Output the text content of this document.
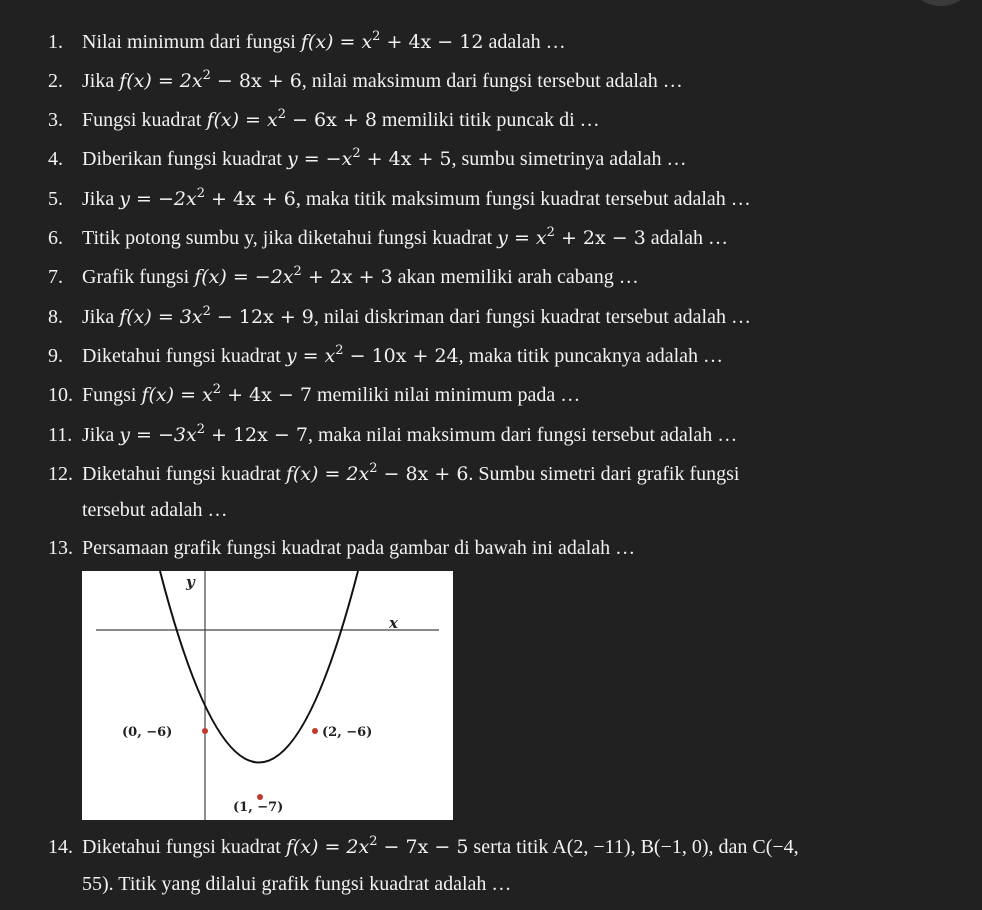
1. Nilai minimum dari fungsi $f(x) = x^2 + 4x - 12$ adalah …
2. Jika $f(x) = 2x^2 - 8x + 6$, nilai maksimum dari fungsi tersebut adalah …
3. Fungsi kuadrat $f(x) = x^2 - 6x + 8$ memiliki titik puncak di …
4. Diberikan fungsi kuadrat $y = -x^2 + 4x + 5$, sumbu simetrinya adalah …
5. Jika $y = -2x^2 + 4x + 6$, maka titik maksimum fungsi kuadrat tersebut adalah …
6. Titik potong sumbu y, jika diketahui fungsi kuadrat $y = x^2 + 2x - 3$ adalah …
7. Grafik fungsi $f(x) = -2x^2 + 2x + 3$ akan memiliki arah cabang …
8. Jika $f(x) = 3x^2 - 12x + 9$, nilai diskriman dari fungsi kuadrat tersebut adalah …
9. Diketahui fungsi kuadrat $y = x^2 - 10x + 24$, maka titik puncaknya adalah …
10. Fungsi $f(x) = x^2 + 4x - 7$ memiliki nilai minimum pada …
11. Jika $y = -3x^2 + 12x - 7$, maka nilai maksimum dari fungsi tersebut adalah …
12. Diketahui fungsi kuadrat $f(x) = 2x^2 - 8x + 6$. Sumbu simetri dari grafik fungsi
tersebut adalah …
13. Persamaan grafik fungsi kuadrat pada gambar di bawah ini adalah …
y
x
(0, −6)	(2, −6)
(1, −7)
14. Diketahui fungsi kuadrat $f(x) = 2x^2 - 7x - 5$ serta titik A(2, −11), B(−1, 0), dan C(−4,
55). Titik yang dilalui grafik fungsi kuadrat adalah …
